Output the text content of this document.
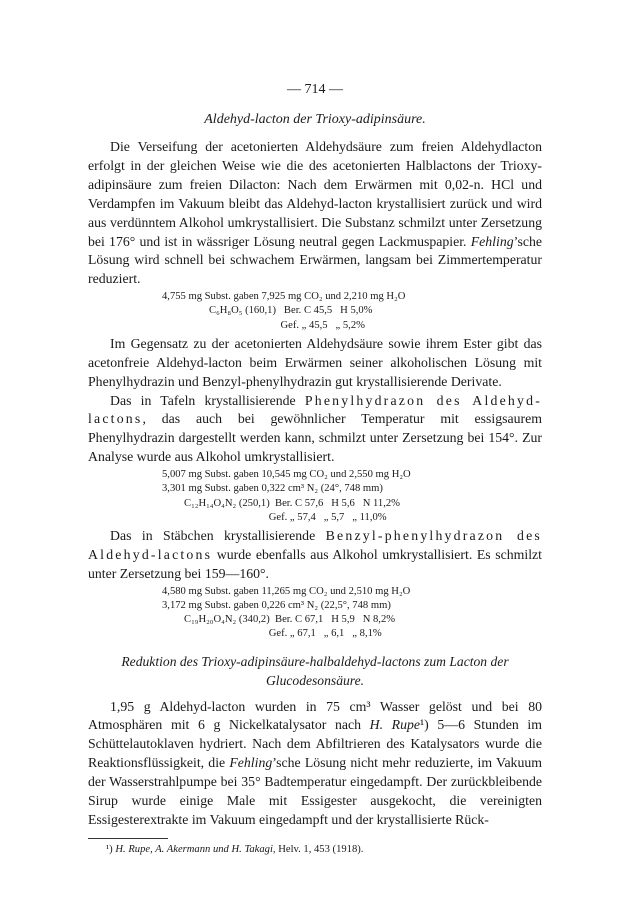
— 714 —
Aldehyd-lacton der Trioxy-adipinsäure.

Die Verseifung der acetonierten Aldehydsäure zum freien Aldehydlacton erfolgt in der gleichen Weise wie die des acetonierten Halblactons der Trioxy-adipinsäure zum freien Dilacton: Nach dem Erwärmen mit 0,02-n. HCl und Verdampfen im Vakuum bleibt das Aldehyd-lacton krystallisiert zurück und wird aus verdünntem Alkohol umkrystallisiert. Die Substanz schmilzt unter Zersetzung bei 176° und ist in wässriger Lösung neutral gegen Lackmuspapier. Fehling’sche Lösung wird schnell bei schwachem Erwärmen, langsam bei Zimmertemperatur reduziert.

4,755 mg Subst. gaben 7,925 mg CO₂ und 2,210 mg H₂O
C₆H₈O₅ (160,1)   Ber. C 45,5   H 5,0%
Gef. „ 45,5   „ 5,2%

Im Gegensatz zu der acetonierten Aldehydsäure sowie ihrem Ester gibt das acetonfreie Aldehyd-lacton beim Erwärmen seiner alkoholischen Lösung mit Phenylhydrazin und Benzyl-phenylhydrazin gut krystallisierende Derivate.

Das in Tafeln krystallisierende Phenylhydrazon des Aldehyd-lactons, das auch bei gewöhnlicher Temperatur mit essigsaurem Phenylhydrazin dargestellt werden kann, schmilzt unter Zersetzung bei 154°. Zur Analyse wurde aus Alkohol umkrystallisiert.

5,007 mg Subst. gaben 10,545 mg CO₂ und 2,550 mg H₂O
3,301 mg Subst. gaben 0,322 cm³ N₂ (24°, 748 mm)
C₁₂H₁₄O₄N₂ (250,1)  Ber. C 57,6   H 5,6   N 11,2%
Gef. „ 57,4   „ 5,7   „ 11,0%

Das in Stäbchen krystallisierende Benzyl-phenylhydrazon des Aldehyd-lactons wurde ebenfalls aus Alkohol umkrystallisiert. Es schmilzt unter Zersetzung bei 159—160°.

4,580 mg Subst. gaben 11,265 mg CO₂ und 2,510 mg H₂O
3,172 mg Subst. gaben 0,226 cm³ N₂ (22,5°, 748 mm)
C₁₉H₂₀O₄N₂ (340,2)  Ber. C 67,1   H 5,9   N 8,2%
Gef. „ 67,1   „ 6,1   „ 8,1%
Reduktion des Trioxy-adipinsäure-halbaldehyd-lactons zum Lacton der
Glucodesonsäure.

1,95 g Aldehyd-lacton wurden in 75 cm³ Wasser gelöst und bei 80 Atmosphären mit 6 g Nickelkatalysator nach H. Rupe¹) 5—6 Stunden im Schüttelautoklaven hydriert. Nach dem Abfiltrieren des Katalysators wurde die Reaktionsflüssigkeit, die Fehling’sche Lösung nicht mehr reduzierte, im Vakuum der Wasserstrahlpumpe bei 35° Badtemperatur eingedampft. Der zurückbleibende Sirup wurde einige Male mit Essigester ausgekocht, die vereinigten Essigesterextrakte im Vakuum eingedampft und der krystallisierte Rück-

¹) H. Rupe, A. Akermann und H. Takagi, Helv. 1, 453 (1918).
